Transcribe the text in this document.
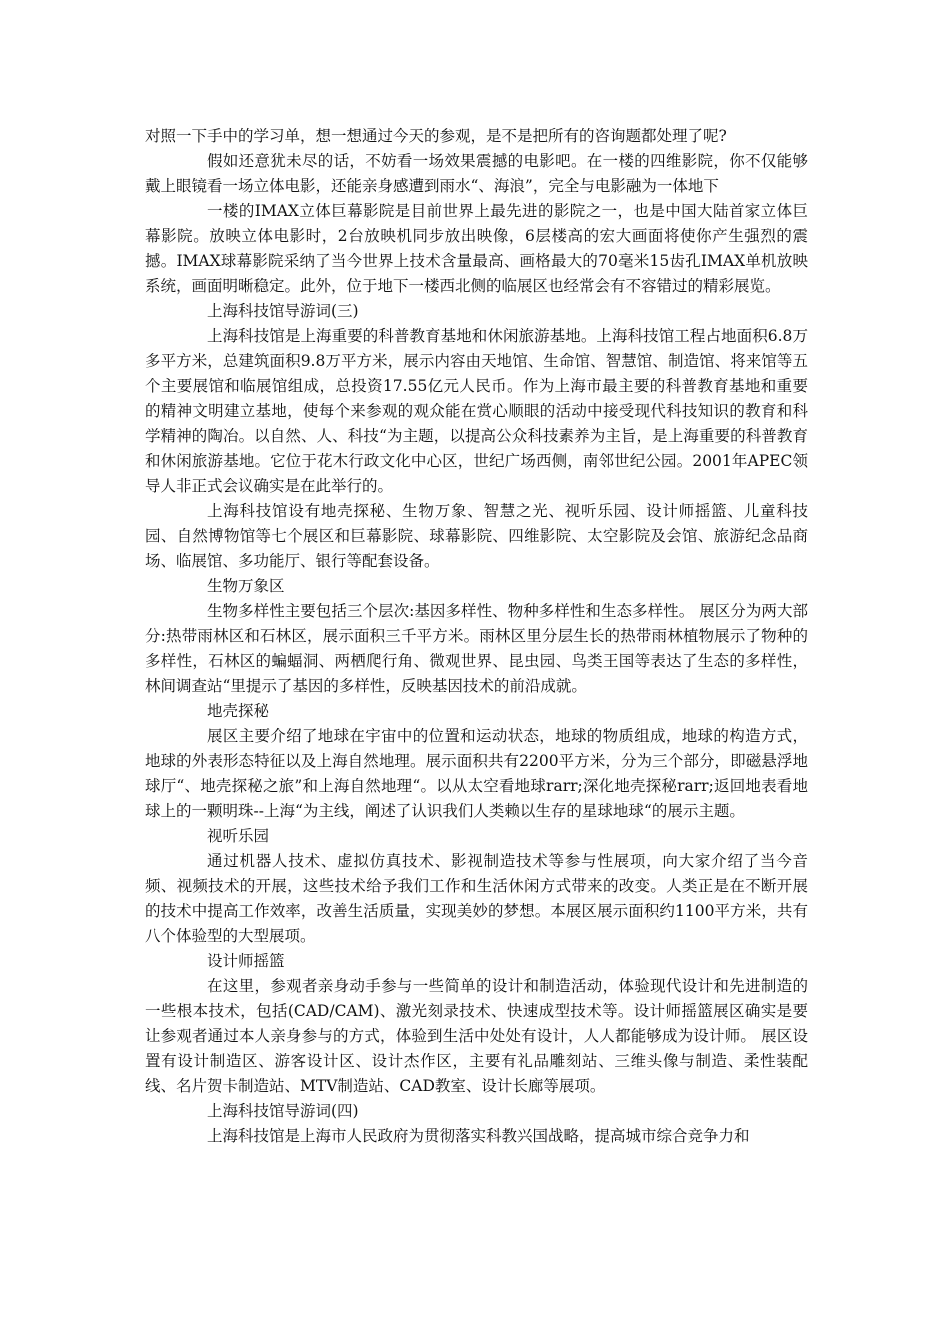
对照一下手中的学习单，想一想通过今天的参观，是不是把所有的咨询题都处理了呢?

假如还意犹未尽的话，不妨看一场效果震撼的电影吧。在一楼的四维影院，你不仅能够戴上眼镜看一场立体电影，还能亲身感遭到雨水“、海浪”，完全与电影融为一体地下

一楼的IMAX立体巨幕影院是目前世界上最先进的影院之一，也是中国大陆首家立体巨幕影院。放映立体电影时，2台放映机同步放出映像，6层楼高的宏大画面将使你产生强烈的震撼。IMAX球幕影院采纳了当今世界上技术含量最高、画格最大的70毫米15齿孔IMAX单机放映系统，画面明晰稳定。此外，位于地下一楼西北侧的临展区也经常会有不容错过的精彩展览。

上海科技馆导游词(三)

上海科技馆是上海重要的科普教育基地和休闲旅游基地。上海科技馆工程占地面积6.8万多平方米，总建筑面积9.8万平方米，展示内容由天地馆、生命馆、智慧馆、制造馆、将来馆等五个主要展馆和临展馆组成，总投资17.55亿元人民币。作为上海市最主要的科普教育基地和重要的精神文明建立基地，使每个来参观的观众能在赏心顺眼的活动中接受现代科技知识的教育和科学精神的陶冶。以自然、人、科技“为主题，以提高公众科技素养为主旨，是上海重要的科普教育和休闲旅游基地。它位于花木行政文化中心区，世纪广场西侧，南邻世纪公园。2001年APEC领导人非正式会议确实是在此举行的。

上海科技馆设有地壳探秘、生物万象、智慧之光、视听乐园、设计师摇篮、儿童科技园、自然博物馆等七个展区和巨幕影院、球幕影院、四维影院、太空影院及会馆、旅游纪念品商场、临展馆、多功能厅、银行等配套设备。

生物万象区

生物多样性主要包括三个层次:基因多样性、物种多样性和生态多样性。 展区分为两大部分:热带雨林区和石林区，展示面积三千平方米。雨林区里分层生长的热带雨林植物展示了物种的多样性，石林区的蝙蝠洞、两栖爬行角、微观世界、昆虫园、鸟类王国等表达了生态的多样性，林间调查站“里提示了基因的多样性，反映基因技术的前沿成就。

地壳探秘

展区主要介绍了地球在宇宙中的位置和运动状态，地球的物质组成，地球的构造方式，地球的外表形态特征以及上海自然地理。展示面积共有2200平方米，分为三个部分，即磁悬浮地球厅“、地壳探秘之旅”和上海自然地理“。以从太空看地球rarr;深化地壳探秘rarr;返回地表看地球上的一颗明珠--上海“为主线，阐述了认识我们人类赖以生存的星球地球“的展示主题。

视听乐园

通过机器人技术、虚拟仿真技术、影视制造技术等参与性展项，向大家介绍了当今音频、视频技术的开展，这些技术给予我们工作和生活休闲方式带来的改变。人类正是在不断开展的技术中提高工作效率，改善生活质量，实现美妙的梦想。本展区展示面积约1100平方米，共有八个体验型的大型展项。

设计师摇篮

在这里，参观者亲身动手参与一些简单的设计和制造活动，体验现代设计和先进制造的一些根本技术，包括(CAD/CAM)、激光刻录技术、快速成型技术等。设计师摇篮展区确实是要让参观者通过本人亲身参与的方式，体验到生活中处处有设计，人人都能够成为设计师。 展区设置有设计制造区、游客设计区、设计杰作区，主要有礼品雕刻站、三维头像与制造、柔性装配线、名片贺卡制造站、MTV制造站、CAD教室、设计长廊等展项。

上海科技馆导游词(四)

上海科技馆是上海市人民政府为贯彻落实科教兴国战略，提高城市综合竞争力和
